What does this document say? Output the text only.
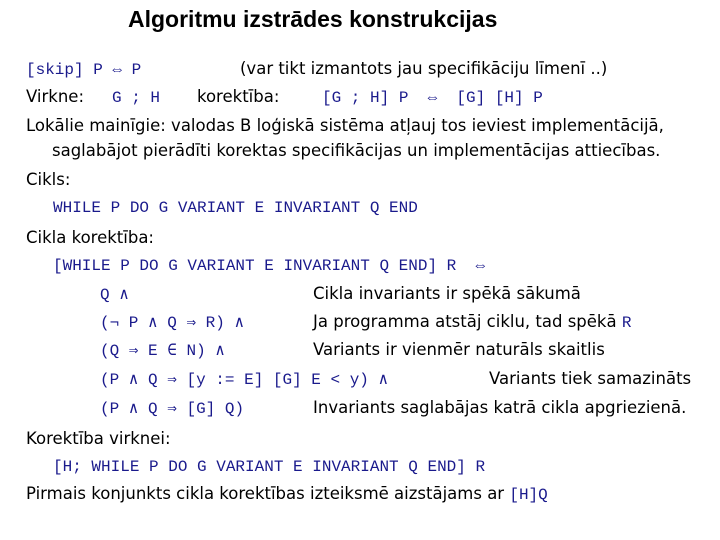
Algoritmu izstrādes konstrukcijas
[skip] P ⇔ P	(var tikt izmantots jau specifikāciju līmenī ..)
Virkne: G ; H korektība:	[G ; H] P  ⇔  [G] [H] P
Lokālie mainīgie: valodas B loģiskā sistēma atļauj tos ieviest implementācijā,
saglabājot pierādīti korektas specifikācijas un implementācijas attiecības.
Cikls:
WHILE P DO G VARIANT E INVARIANT Q END
Cikla korektība:
[WHILE P DO G VARIANT E INVARIANT Q END] R  ⇔
Q ∧	Cikla invariants ir spēkā sākumā
(¬ P ∧ Q ⇒ R) ∧	Ja programma atstāj ciklu, tad spēkā R
(Q ⇒ E ∈ N) ∧	Variants ir vienmēr naturāls skaitlis
(P ∧ Q ⇒ [y := E] [G] E < y) ∧	Variants tiek samazināts
(P ∧ Q ⇒ [G] Q)	Invariants saglabājas katrā cikla apgriezienā.
Korektība virknei:
[H; WHILE P DO G VARIANT E INVARIANT Q END] R
Pirmais konjunkts cikla korektības izteiksmē aizstājams ar [H]Q
